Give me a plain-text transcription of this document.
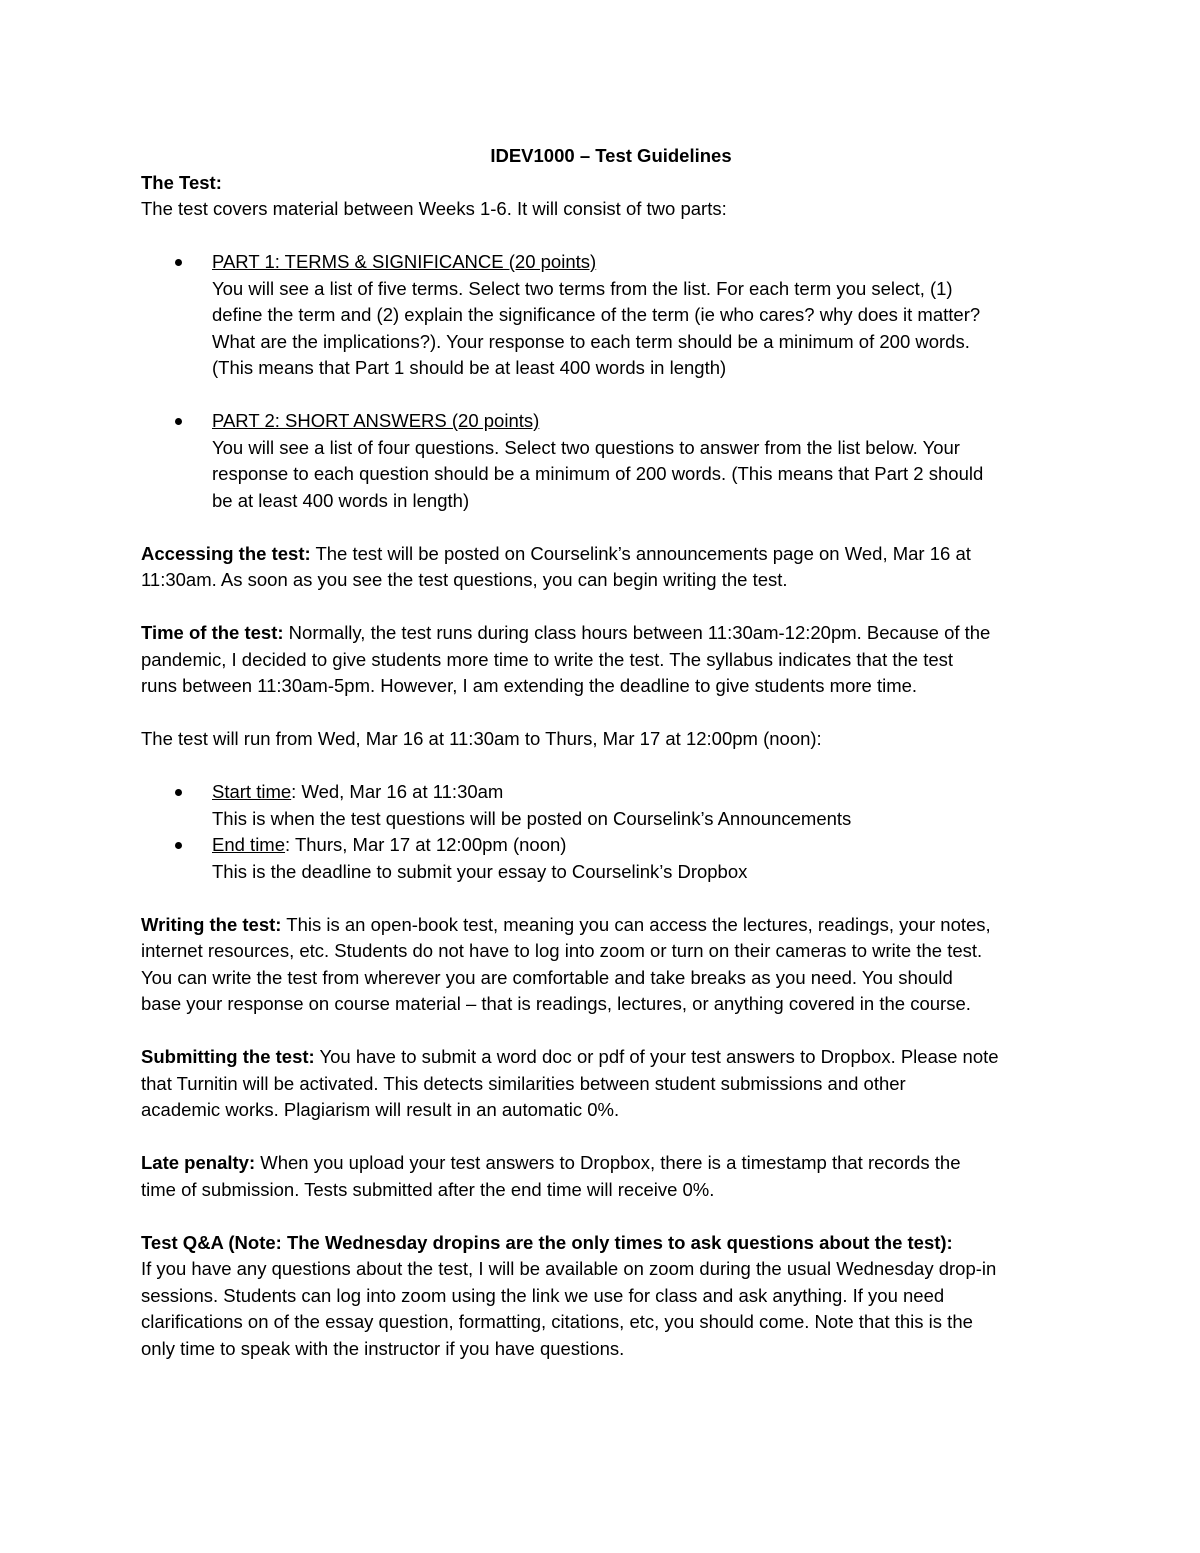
IDEV1000 – Test Guidelines
The Test:
The test covers material between Weeks 1-6. It will consist of two parts:
PART 1: TERMS & SIGNIFICANCE (20 points)
You will see a list of five terms. Select two terms from the list. For each term you select, (1)
define the term and (2) explain the significance of the term (ie who cares? why does it matter?
What are the implications?). Your response to each term should be a minimum of 200 words.
(This means that Part 1 should be at least 400 words in length)
PART 2: SHORT ANSWERS (20 points)
You will see a list of four questions. Select two questions to answer from the list below. Your
response to each question should be a minimum of 200 words. (This means that Part 2 should
be at least 400 words in length)
Accessing the test: The test will be posted on Courselink’s announcements page on Wed, Mar 16 at
11:30am. As soon as you see the test questions, you can begin writing the test.
Time of the test: Normally, the test runs during class hours between 11:30am-12:20pm. Because of the
pandemic, I decided to give students more time to write the test. The syllabus indicates that the test
runs between 11:30am-5pm. However, I am extending the deadline to give students more time.
The test will run from Wed, Mar 16 at 11:30am to Thurs, Mar 17 at 12:00pm (noon):
Start time: Wed, Mar 16 at 11:30am
This is when the test questions will be posted on Courselink’s Announcements
End time: Thurs, Mar 17 at 12:00pm (noon)
This is the deadline to submit your essay to Courselink’s Dropbox
Writing the test: This is an open-book test, meaning you can access the lectures, readings, your notes,
internet resources, etc. Students do not have to log into zoom or turn on their cameras to write the test.
You can write the test from wherever you are comfortable and take breaks as you need. You should
base your response on course material – that is readings, lectures, or anything covered in the course.
Submitting the test: You have to submit a word doc or pdf of your test answers to Dropbox. Please note
that Turnitin will be activated. This detects similarities between student submissions and other
academic works. Plagiarism will result in an automatic 0%.
Late penalty: When you upload your test answers to Dropbox, there is a timestamp that records the
time of submission. Tests submitted after the end time will receive 0%.
Test Q&A (Note: The Wednesday dropins are the only times to ask questions about the test):
If you have any questions about the test, I will be available on zoom during the usual Wednesday drop-in
sessions. Students can log into zoom using the link we use for class and ask anything. If you need
clarifications on of the essay question, formatting, citations, etc, you should come. Note that this is the
only time to speak with the instructor if you have questions.
